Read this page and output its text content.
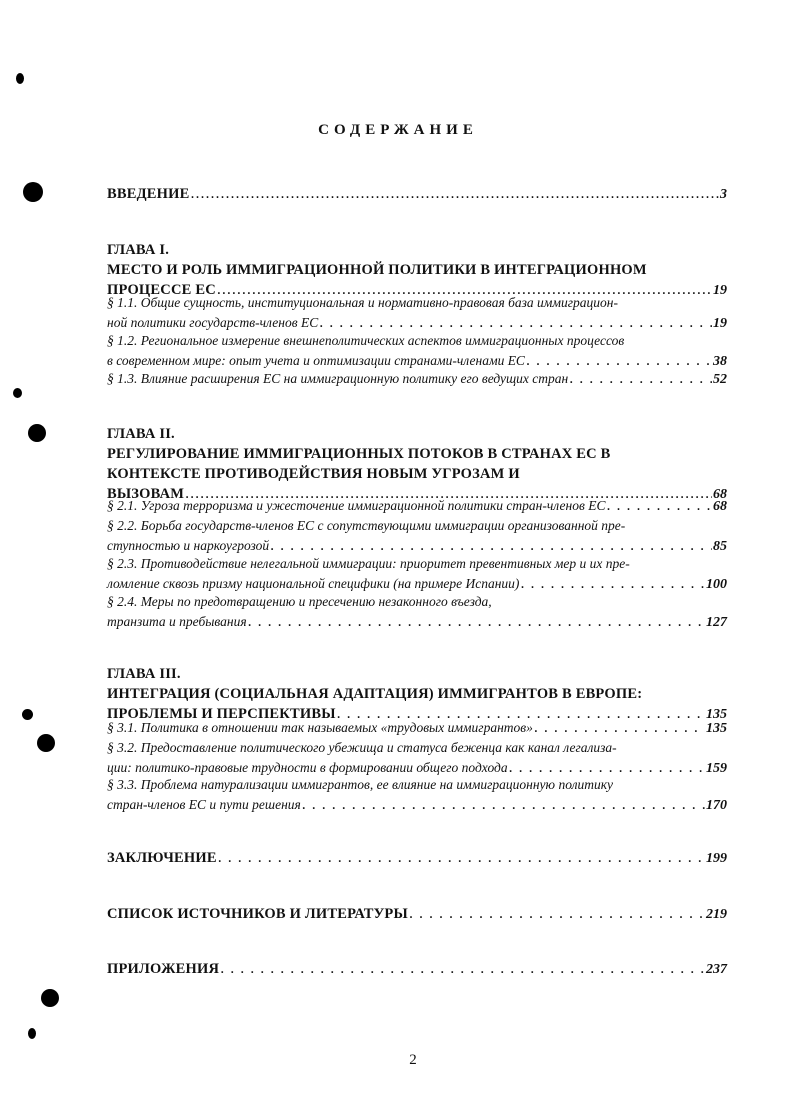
СОДЕРЖАНИЕ
ВВЕДЕНИЕ .....	3
ГЛАВА I.
МЕСТО И РОЛЬ ИММИГРАЦИОННОЙ ПОЛИТИКИ В ИНТЕГРАЦИОННОМ
ПРОЦЕССЕ ЕС .....	19
§ 1.1. Общие сущность, институциональная и нормативно-правовая база иммиграцион-
ной политики государств-членов ЕС . . .	19
§ 1.2. Региональное измерение внешнеполитических аспектов иммиграционных процессов
в современном мире: опыт учета и оптимизации странами-членами ЕС . . .	38
§ 1.3. Влияние расширения ЕС на иммиграционную политику его ведущих стран . . .	52
ГЛАВА II.
РЕГУЛИРОВАНИЕ ИММИГРАЦИОННЫХ ПОТОКОВ В СТРАНАХ ЕС В
КОНТЕКСТЕ ПРОТИВОДЕЙСТВИЯ НОВЫМ УГРОЗАМ И
ВЫЗОВАМ .....	68
§ 2.1. Угроза терроризма и ужесточение иммиграционной политики стран-членов ЕС . . .	68
§ 2.2. Борьба государств-членов ЕС с сопутствующими иммиграции организованной пре-
ступностью и наркоугрозой . . .	85
§ 2.3. Противодействие нелегальной иммиграции: приоритет превентивных мер и их пре-
ломление сквозь призму национальной специфики (на примере Испании) . . .	100
§ 2.4. Меры по предотвращению и пресечению незаконного въезда,
транзита и пребывания . . .	127
ГЛАВА III.
ИНТЕГРАЦИЯ (СОЦИАЛЬНАЯ АДАПТАЦИЯ) ИММИГРАНТОВ В ЕВРОПЕ:
ПРОБЛЕМЫ И ПЕРСПЕКТИВЫ . . .	135
§ 3.1. Политика в отношении так называемых «трудовых иммигрантов» . . .	135
§ 3.2. Предоставление политического убежища и статуса беженца как канал легализа-
ции: политико-правовые трудности в формировании общего подхода . . .	159
§ 3.3. Проблема натурализации иммигрантов, ее влияние на иммиграционную политику
стран-членов ЕС и пути решения . . .	170
ЗАКЛЮЧЕНИЕ . . .	199
СПИСОК ИСТОЧНИКОВ И ЛИТЕРАТУРЫ . . .	219
ПРИЛОЖЕНИЯ . . .	237
2
